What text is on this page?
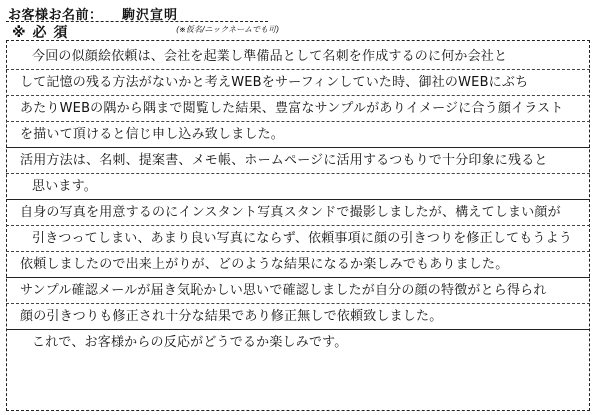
お客様お名前： 駒沢宣明
※ 必 須	(※仮名/ニックネームでも可)
今回の似顔絵依頼は、会社を起業し準備品として名刺を作成するのに何か会社と
して記憶の残る方法がないかと考えWEBをサーフィンしていた時、御社のWEBにぶち
あたりWEBの隅から隅まで閲覧した結果、豊富なサンプルがありイメージに合う顔イラスト
を描いて頂けると信じ申し込み致しました。
活用方法は、名刺、提案書、メモ帳、ホームページに活用するつもりで十分印象に残ると
思います。
自身の写真を用意するのにインスタント写真スタンドで撮影しましたが、構えてしまい顔が
引きつってしまい、あまり良い写真にならず、依頼事項に顔の引きつりを修正してもうよう
依頼しましたので出来上がりが、どのような結果になるか楽しみでもありました。
サンプル確認メールが届き気恥かしい思いで確認しましたが自分の顔の特徴がとら得られ
顔の引きつりも修正され十分な結果であり修正無しで依頼致しました。
これで、お客様からの反応がどうでるか楽しみです。
